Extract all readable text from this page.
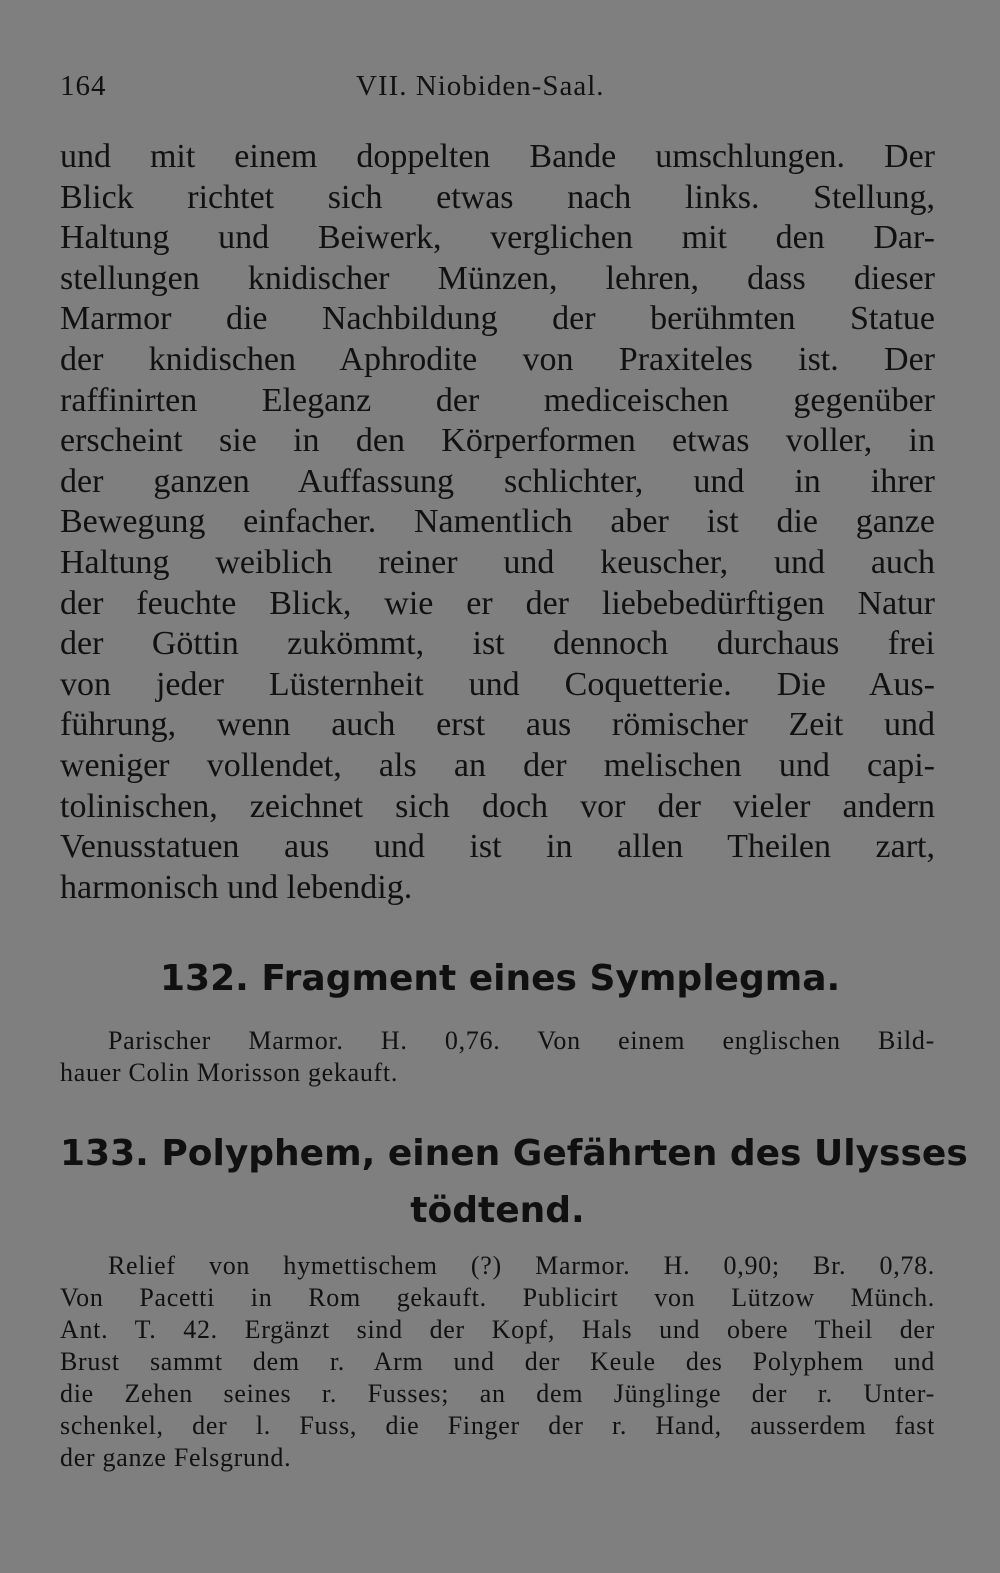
164	VII. Niobiden-Saal.
und mit einem doppelten Bande umschlungen. Der
Blick richtet sich etwas nach links. Stellung,
Haltung und Beiwerk, verglichen mit den Dar-
stellungen knidischer Münzen, lehren, dass dieser
Marmor die Nachbildung der berühmten Statue
der knidischen Aphrodite von Praxiteles ist. Der
raffinirten Eleganz der mediceischen gegenüber
erscheint sie in den Körperformen etwas voller, in
der ganzen Auffassung schlichter, und in ihrer
Bewegung einfacher. Namentlich aber ist die ganze
Haltung weiblich reiner und keuscher, und auch
der feuchte Blick, wie er der liebebedürftigen Natur
der Göttin zukömmt, ist dennoch durchaus frei
von jeder Lüsternheit und Coquetterie. Die Aus-
führung, wenn auch erst aus römischer Zeit und
weniger vollendet, als an der melischen und capi-
tolinischen, zeichnet sich doch vor der vieler andern
Venusstatuen aus und ist in allen Theilen zart,
harmonisch und lebendig.
132. Fragment eines Symplegma.
Parischer Marmor. H. 0,76. Von einem englischen Bild-
hauer Colin Morisson gekauft.
133. Polyphem, einen Gefährten des Ulysses
tödtend.
Relief von hymettischem (?) Marmor. H. 0,90; Br. 0,78.
Von Pacetti in Rom gekauft. Publicirt von Lützow Münch.
Ant. T. 42. Ergänzt sind der Kopf, Hals und obere Theil der
Brust sammt dem r. Arm und der Keule des Polyphem und
die Zehen seines r. Fusses; an dem Jünglinge der r. Unter-
schenkel, der l. Fuss, die Finger der r. Hand, ausserdem fast
der ganze Felsgrund.
